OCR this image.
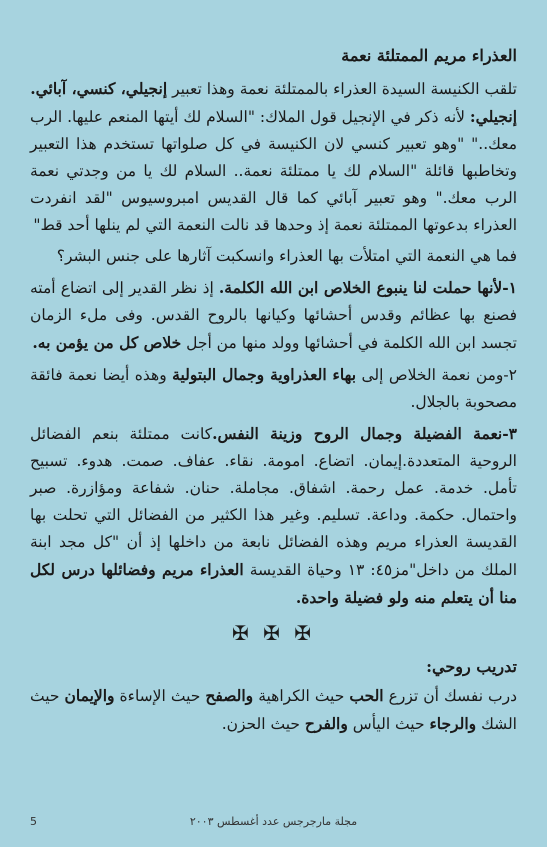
العذراء مريم الممتلئة نعمة

تلقب الكنيسة السيدة العذراء بالممتلئة نعمة وهذا تعبير إنجيلي، كنسي، آبائي.
إنجيلي: لأنه ذكر في الإنجيل قول الملاك: "السلام لك أيتها المنعم عليها. الرب معك.." "وهو تعبير كنسي لان الكنيسة في كل صلواتها تستخدم هذا التعبير وتخاطبها قائلة "السلام لك يا ممتلئة نعمة.. السلام لك يا من وجدتي نعمة الرب معك." وهو تعبير آبائي كما قال القديس امبروسيوس "لقد انفردت العذراء بدعوتها الممتلئة نعمة إذ وحدها قد نالت النعمة التي لم ينلها أحد قط"

فما هي النعمة التي امتلأت بها العذراء وانسكبت آثارها على جنس البشر؟

١-لأنها حملت لنا ينبوع الخلاص ابن الله الكلمة. إذ نظر القدير إلى اتضاع أمته فصنع بها عظائم وقدس أحشائها وكيانها بالروح القدس. وفى ملء الزمان تجسد ابن الله الكلمة في أحشائها وولد منها من أجل خلاص كل من يؤمن به.

٢-ومن نعمة الخلاص إلى بهاء العذراوية وجمال البتولية وهذه أيضا نعمة فائقة مصحوبة بالجلال.

٣-نعمة الفضيلة وجمال الروح وزينة النفس.كانت ممتلئة بنعم الفضائل الروحية المتعددة.إيمان. اتضاع. امومة. نقاء. عفاف. صمت. هدوء. تسبيح تأمل. خدمة. عمل رحمة. اشفاق. مجاملة. حنان. شفاعة ومؤازرة. صبر واحتمال. حكمة. وداعة. تسليم. وغير هذا الكثير من الفضائل التي تحلت بها القديسة العذراء مريم وهذه الفضائل نابعة من داخلها إذ أن "كل مجد ابنة الملك من داخل"مز٤٥: ١٣ وحياة القديسة العذراء مريم وفضائلها درس لكل منا أن يتعلم منه ولو فضيلة واحدة.

✠ ✠ ✠
تدريب روحي:

درب نفسك أن تزرع الحب حيث الكراهية والصفح حيث الإساءة والإيمان حيث الشك والرجاء حيث اليأس والفرح حيث الحزن.

5	مجلة مارجرجس عدد أغسطس ٢٠٠٣
